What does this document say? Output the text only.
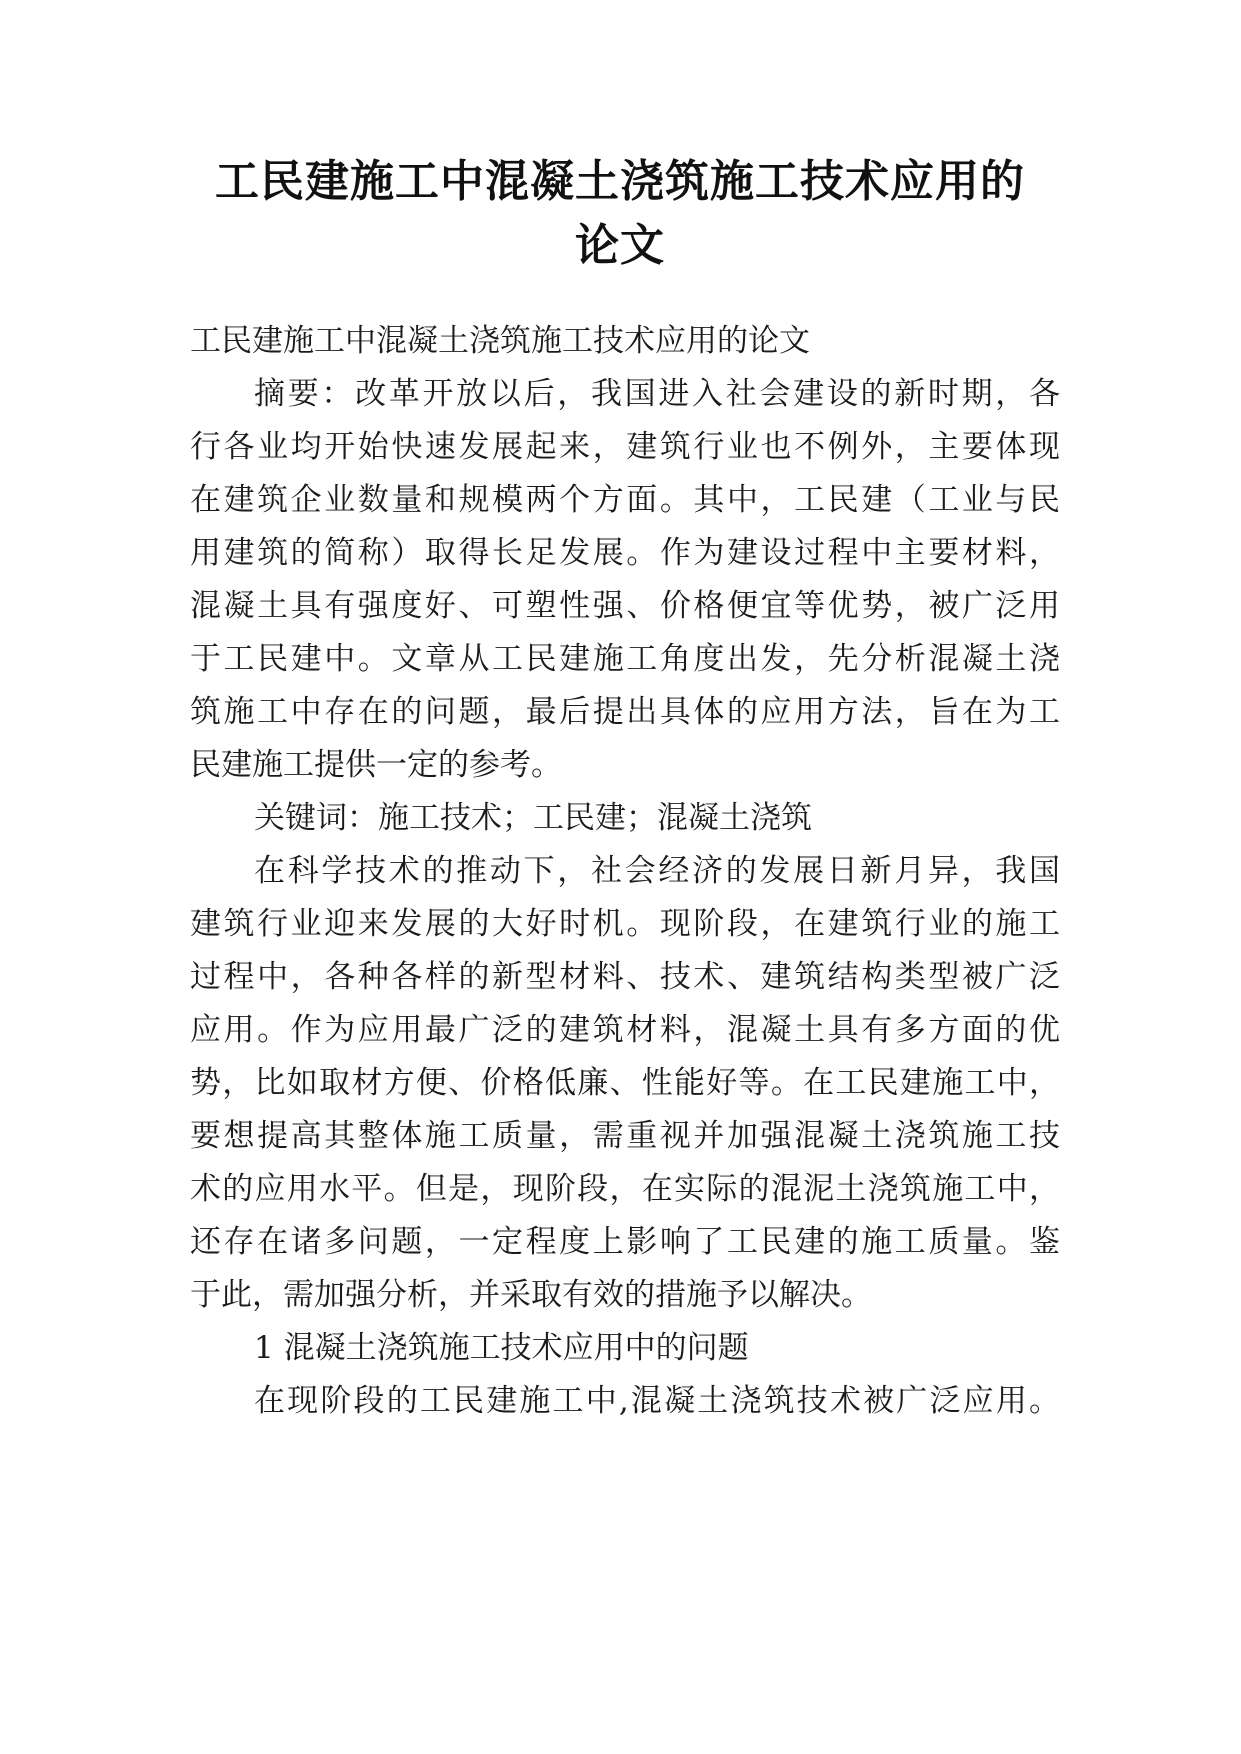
工民建施工中混凝土浇筑施工技术应用的
论文
工民建施工中混凝土浇筑施工技术应用的论文
摘要：改革开放以后，我国进入社会建设的新时期，各
行各业均开始快速发展起来，建筑行业也不例外，主要体现
在建筑企业数量和规模两个方面。其中，工民建（工业与民
用建筑的简称）取得长足发展。作为建设过程中主要材料，
混凝土具有强度好、可塑性强、价格便宜等优势，被广泛用
于工民建中。文章从工民建施工角度出发，先分析混凝土浇
筑施工中存在的问题，最后提出具体的应用方法，旨在为工
民建施工提供一定的参考。
关键词：施工技术；工民建；混凝土浇筑
在科学技术的推动下，社会经济的发展日新月异，我国
建筑行业迎来发展的大好时机。现阶段，在建筑行业的施工
过程中，各种各样的新型材料、技术、建筑结构类型被广泛
应用。作为应用最广泛的建筑材料，混凝土具有多方面的优
势，比如取材方便、价格低廉、性能好等。在工民建施工中，
要想提高其整体施工质量，需重视并加强混凝土浇筑施工技
术的应用水平。但是，现阶段，在实际的混泥土浇筑施工中，
还存在诸多问题，一定程度上影响了工民建的施工质量。鉴
于此，需加强分析，并采取有效的措施予以解决。
1 混凝土浇筑施工技术应用中的问题
在现阶段的工民建施工中,混凝土浇筑技术被广泛应用。
